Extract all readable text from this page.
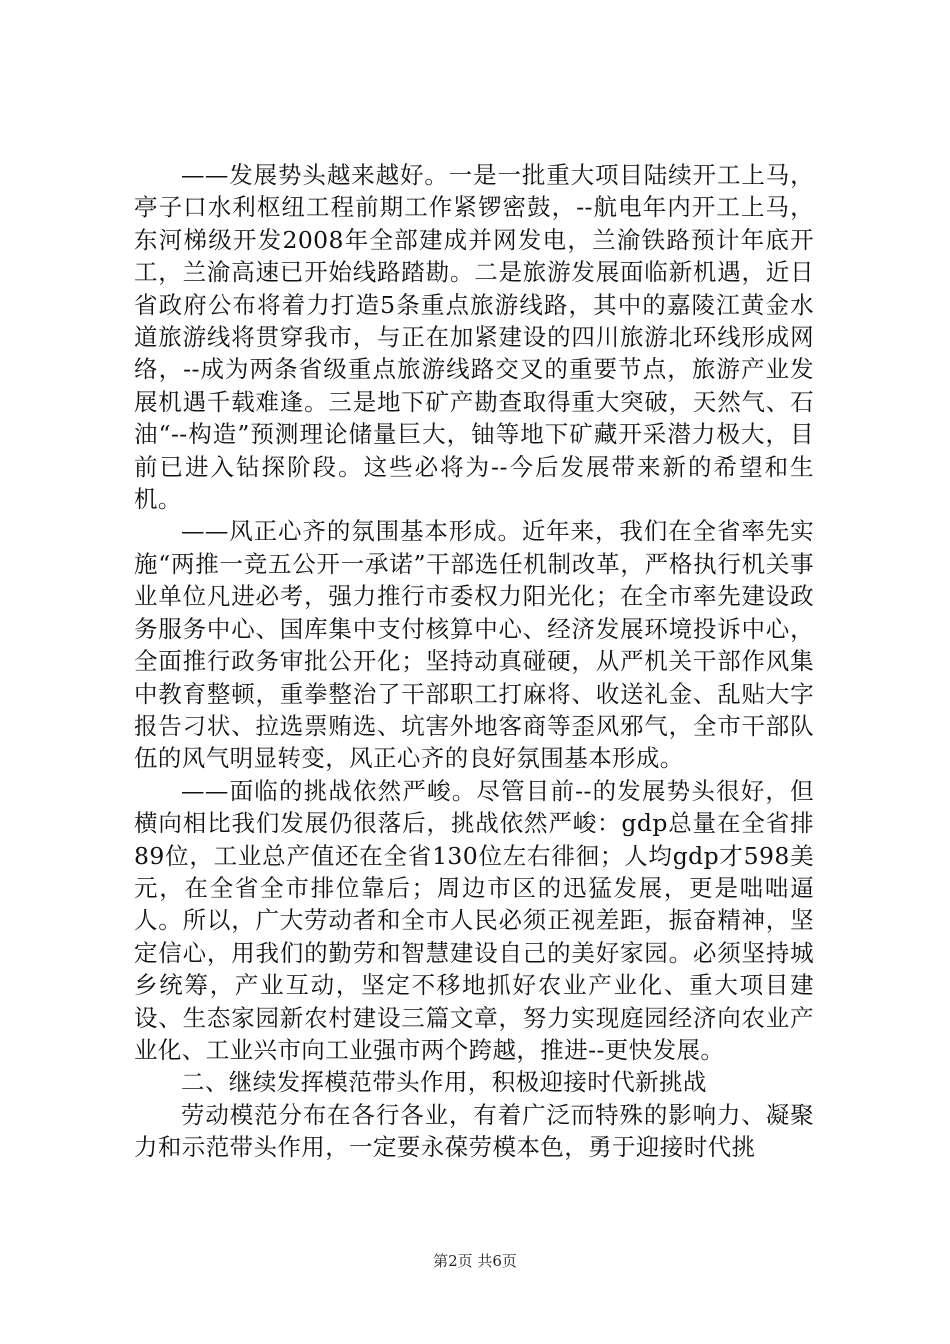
——发展势头越来越好。一是一批重大项目陆续开工上马，亭子口水利枢纽工程前期工作紧锣密鼓，--航电年内开工上马，东河梯级开发2008年全部建成并网发电，兰渝铁路预计年底开工，兰渝高速已开始线路踏勘。二是旅游发展面临新机遇，近日省政府公布将着力打造5条重点旅游线路，其中的嘉陵江黄金水道旅游线将贯穿我市，与正在加紧建设的四川旅游北环线形成网络，--成为两条省级重点旅游线路交叉的重要节点，旅游产业发展机遇千载难逢。三是地下矿产勘查取得重大突破，天然气、石油“--构造”预测理论储量巨大，铀等地下矿藏开采潜力极大，目前已进入钻探阶段。这些必将为--今后发展带来新的希望和生机。

——风正心齐的氛围基本形成。近年来，我们在全省率先实施“两推一竞五公开一承诺”干部选任机制改革，严格执行机关事业单位凡进必考，强力推行市委权力阳光化；在全市率先建设政务服务中心、国库集中支付核算中心、经济发展环境投诉中心，全面推行政务审批公开化；坚持动真碰硬，从严机关干部作风集中教育整顿，重拳整治了干部职工打麻将、收送礼金、乱贴大字报告刁状、拉选票贿选、坑害外地客商等歪风邪气，全市干部队伍的风气明显转变，风正心齐的良好氛围基本形成。

——面临的挑战依然严峻。尽管目前--的发展势头很好，但横向相比我们发展仍很落后，挑战依然严峻：gdp总量在全省排89位，工业总产值还在全省130位左右徘徊；人均gdp才598美元，在全省全市排位靠后；周边市区的迅猛发展，更是咄咄逼人。所以，广大劳动者和全市人民必须正视差距，振奋精神，坚定信心，用我们的勤劳和智慧建设自己的美好家园。必须坚持城乡统筹，产业互动，坚定不移地抓好农业产业化、重大项目建设、生态家园新农村建设三篇文章，努力实现庭园经济向农业产业化、工业兴市向工业强市两个跨越，推进--更快发展。

二、继续发挥模范带头作用，积极迎接时代新挑战

劳动模范分布在各行各业，有着广泛而特殊的影响力、凝聚力和示范带头作用，一定要永葆劳模本色，勇于迎接时代挑

第2页 共6页
